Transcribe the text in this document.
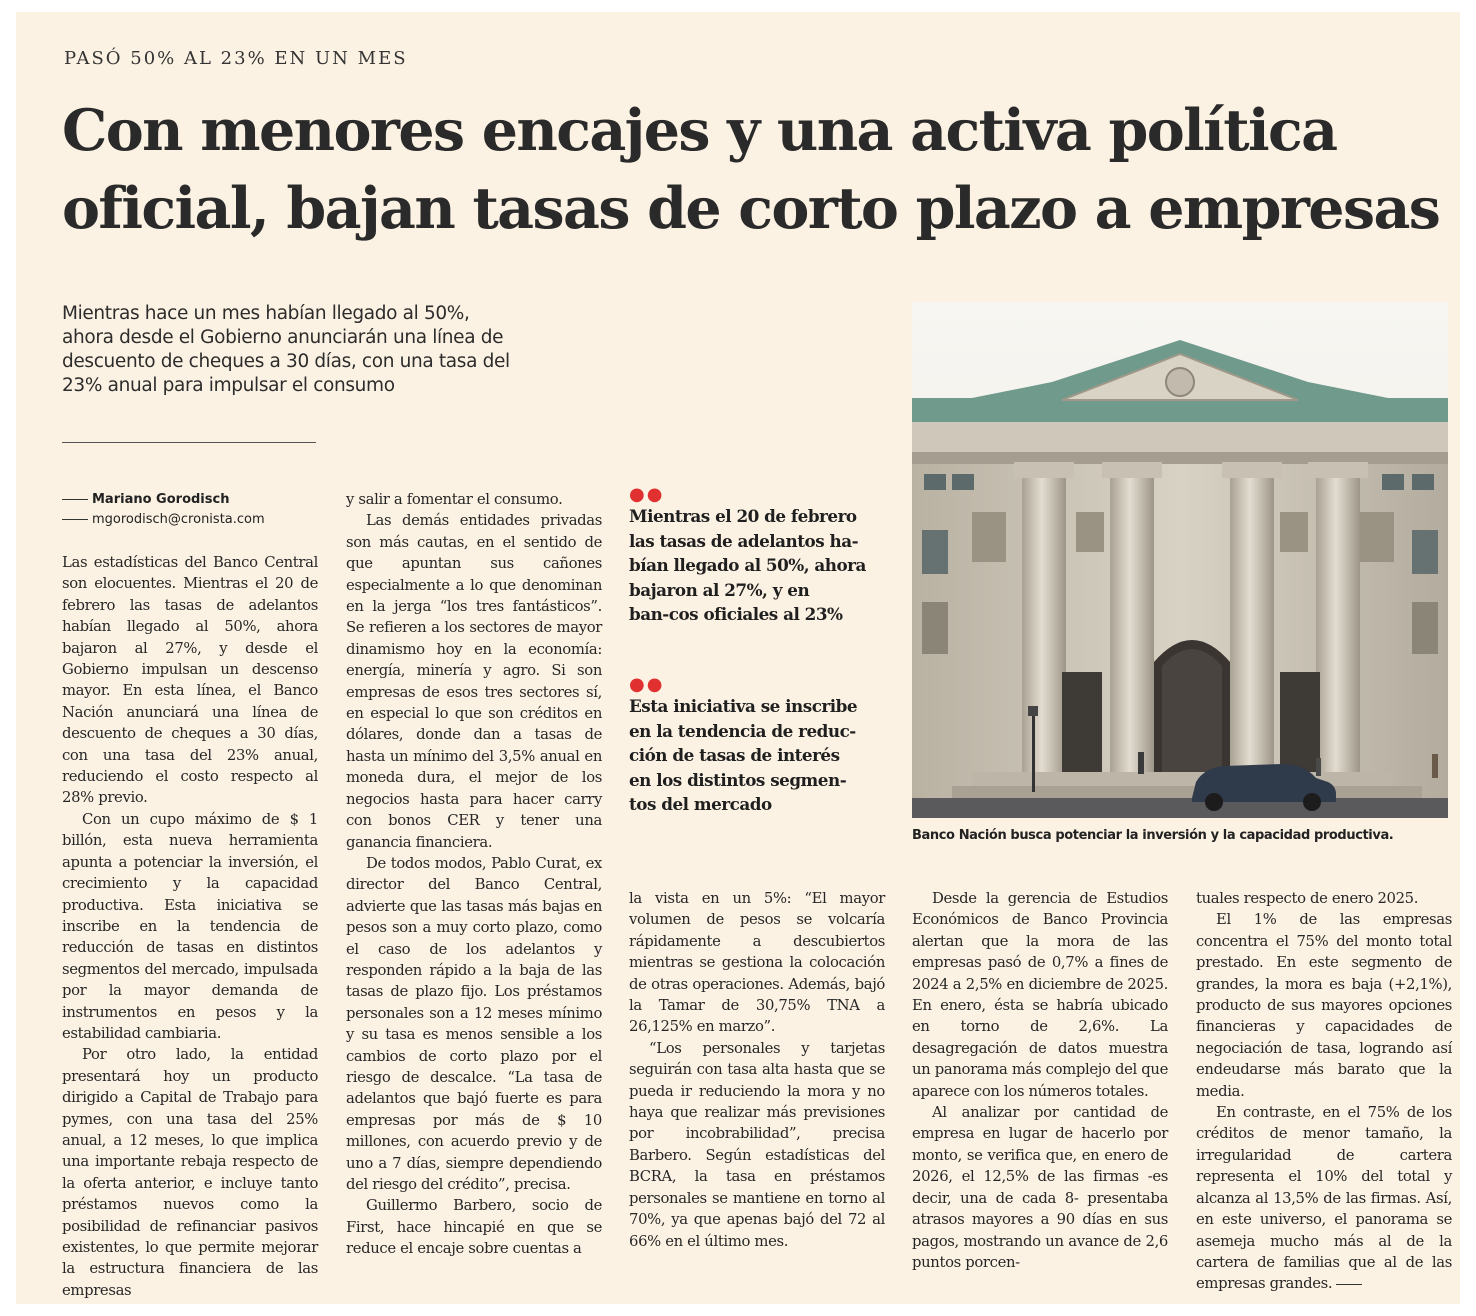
PASÓ 50% AL 23% EN UN MES
Con menores encajes y una activa política
oficial, bajan tasas de corto plazo a empresas
Mientras hace un mes habían llegado al 50%,
ahora desde el Gobierno anunciarán una línea de
descuento de cheques a 30 días, con una tasa del
23% anual para impulsar el consumo
Mariano Gorodisch
mgorodisch@cronista.com

Las estadísticas del Banco Central son elocuentes. Mientras el 20 de febrero las tasas de adelantos habían llegado al 50%, ahora bajaron al 27%, y desde el Gobierno impulsan un descenso mayor. En esta línea, el Banco Nación anunciará una línea de descuento de cheques a 30 días, con una tasa del 23% anual, reduciendo el costo respecto al 28% previo.

Con un cupo máximo de $ 1 billón, esta nueva herramienta apunta a potenciar la inversión, el crecimiento y la capacidad productiva. Esta iniciativa se inscribe en la tendencia de reducción de tasas en distintos segmentos del mercado, impulsada por la mayor demanda de instrumentos en pesos y la estabilidad cambiaria.

Por otro lado, la entidad presentará hoy un producto dirigido a Capital de Trabajo para pymes, con una tasa del 25% anual, a 12 meses, lo que implica una importante rebaja respecto de la oferta anterior, e incluye tanto préstamos nuevos como la posibilidad de refinanciar pasivos existentes, lo que permite mejorar la estructura financiera de las empresas

y salir a fomentar el consumo.

Las demás entidades privadas son más cautas, en el sentido de que apuntan sus cañones especialmente a lo que denominan en la jerga “los tres fantásticos”. Se refieren a los sectores de mayor dinamismo hoy en la economía: energía, minería y agro. Si son empresas de esos tres sectores sí, en especial lo que son créditos en dólares, donde dan a tasas de hasta un mínimo del 3,5% anual en moneda dura, el mejor de los negocios hasta para hacer carry con bonos CER y tener una ganancia financiera.

De todos modos, Pablo Curat, ex director del Banco Central, advierte que las tasas más bajas en pesos son a muy corto plazo, como el caso de los adelantos y responden rápido a la baja de las tasas de plazo fijo. Los préstamos personales son a 12 meses mínimo y su tasa es menos sensible a los cambios de corto plazo por el riesgo de descalce. “La tasa de adelantos que bajó fuerte es para empresas por más de $ 10 millones, con acuerdo previo y de uno a 7 días, siempre dependiendo del riesgo del crédito”, precisa.

Guillermo Barbero, socio de First, hace hincapié en que se reduce el encaje sobre cuentas a

●●
Mientras el 20 de febrero
las tasas de adelantos ha-
bían llegado al 50%, ahora
bajaron al 27%, y en
ban-cos oficiales al 23%
●●
Esta iniciativa se inscribe
en la tendencia de reduc-
ción de tasas de interés
en los distintos segmen-
tos del mercado
Banco Nación busca potenciar la inversión y la capacidad productiva.

la vista en un 5%: “El mayor volumen de pesos se volcaría rápidamente a descubiertos mientras se gestiona la colocación de otras operaciones. Además, bajó la Tamar de 30,75% TNA a 26,125% en marzo”.

“Los personales y tarjetas seguirán con tasa alta hasta que se pueda ir reduciendo la mora y no haya que realizar más previsiones por incobrabilidad”, precisa Barbero. Según estadísticas del BCRA, la tasa en préstamos personales se mantiene en torno al 70%, ya que apenas bajó del 72 al 66% en el último mes.

Desde la gerencia de Estudios Económicos de Banco Provincia alertan que la mora de las empresas pasó de 0,7% a fines de 2024 a 2,5% en diciembre de 2025. En enero, ésta se habría ubicado en torno de 2,6%. La desagregación de datos muestra un panorama más complejo del que aparece con los números totales.

Al analizar por cantidad de empresa en lugar de hacerlo por monto, se verifica que, en enero de 2026, el 12,5% de las firmas -es decir, una de cada 8- presentaba atrasos mayores a 90 días en sus pagos, mostrando un avance de 2,6 puntos porcen-

tuales respecto de enero 2025.

El 1% de las empresas concentra el 75% del monto total prestado. En este segmento de grandes, la mora es baja (+2,1%), producto de sus mayores opciones financieras y capacidades de negociación de tasa, logrando así endeudarse más barato que la media.

En contraste, en el 75% de los créditos de menor tamaño, la irregularidad de cartera representa el 10% del total y alcanza al 13,5% de las firmas. Así, en este universo, el panorama se asemeja mucho más al de la cartera de familias que al de las empresas grandes.
